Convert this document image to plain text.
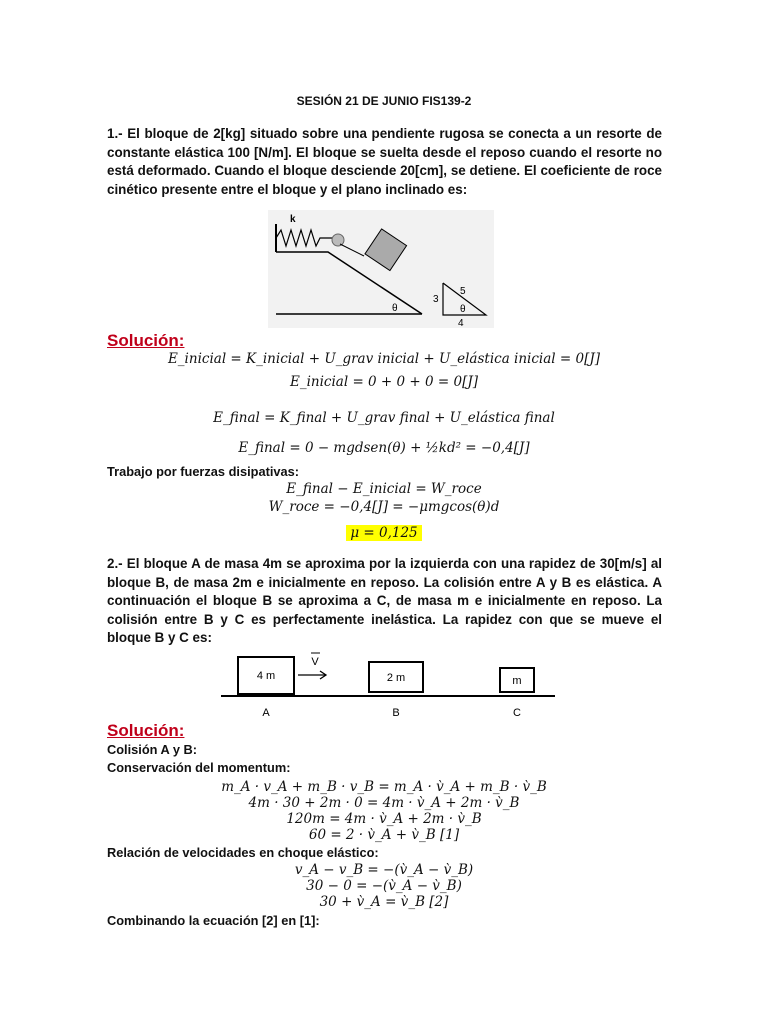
SESIÓN 21 DE JUNIO FIS139-2
1.- El bloque de 2[kg] situado sobre una pendiente rugosa se conecta a un resorte de constante elástica 100 [N/m]. El bloque se suelta desde el reposo cuando el resorte no está deformado. Cuando el bloque desciende 20[cm], se detiene. El coeficiente de roce cinético presente entre el bloque y el plano inclinado es:
k
θ
3
5
θ
4
Solución:
E_inicial = K_inicial + U_grav inicial + U_elástica inicial = 0[J]
E_inicial = 0 + 0 + 0 = 0[J]
E_final = K_final + U_grav final + U_elástica final
E_final = 0 − mgdsen(θ) + ½kd² = −0,4[J]
Trabajo por fuerzas disipativas:
E_final − E_inicial = W_roce
W_roce = −0,4[J] = −μmgcos(θ)d
μ = 0,125
2.- El bloque A de masa 4m se aproxima por la izquierda con una rapidez de 30[m/s] al bloque B, de masa 2m e inicialmente en reposo. La colisión entre A y B es elástica. A continuación el bloque B se aproxima a C, de masa m e inicialmente en reposo. La colisión entre B y C es perfectamente inelástica. La rapidez con que se mueve el bloque B y C es:
4 m
V
2 m	m
A	B	C
Solución:
Colisión A y B:
Conservación del momentum:
m_A · v_A + m_B · v_B = m_A · v̀_A + m_B · v̀_B
4m · 30 + 2m · 0 = 4m · v̀_A + 2m · v̀_B
120m = 4m · v̀_A + 2m · v̀_B
60 = 2 · v̀_A + v̀_B [1]
Relación de velocidades en choque elástico:
v_A − v_B = −(v̀_A − v̀_B)
30 − 0 = −(v̀_A − v̀_B)
30 + v̀_A = v̀_B [2]
Combinando la ecuación [2] en [1]:
